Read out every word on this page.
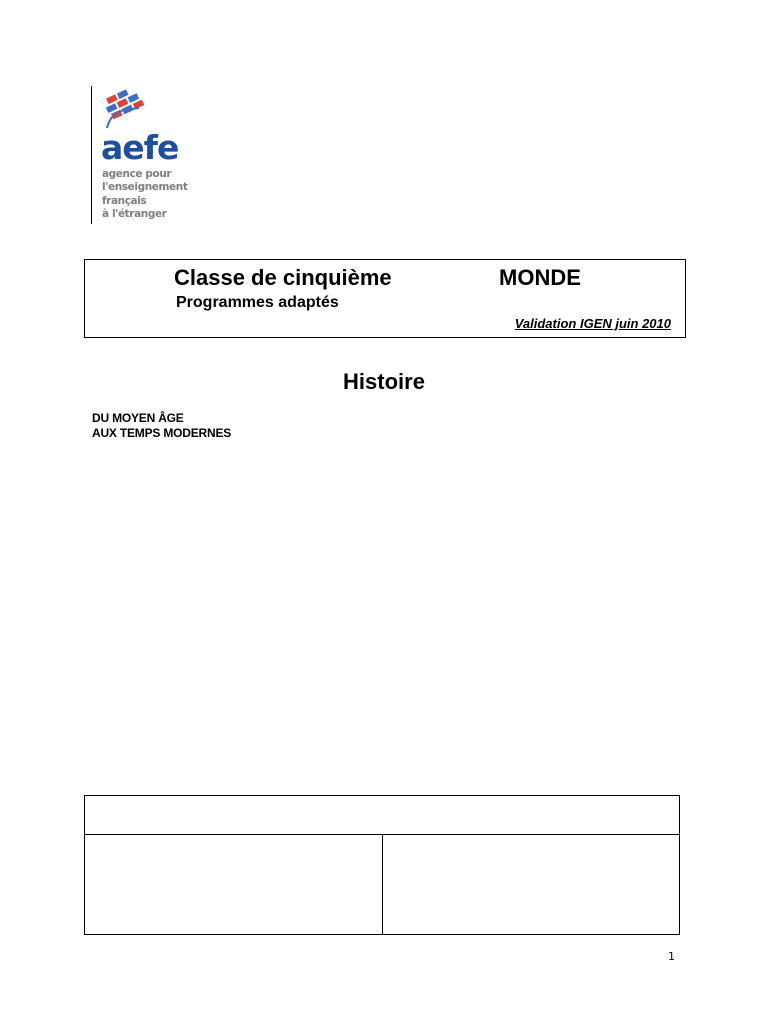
aefe
agence pour
l'enseignement
français
à l'étranger
Classe de cinquième	MONDE
Programmes adaptés
Validation IGEN juin 2010
Histoire
DU MOYEN ÂGE
AUX TEMPS MODERNES
1
